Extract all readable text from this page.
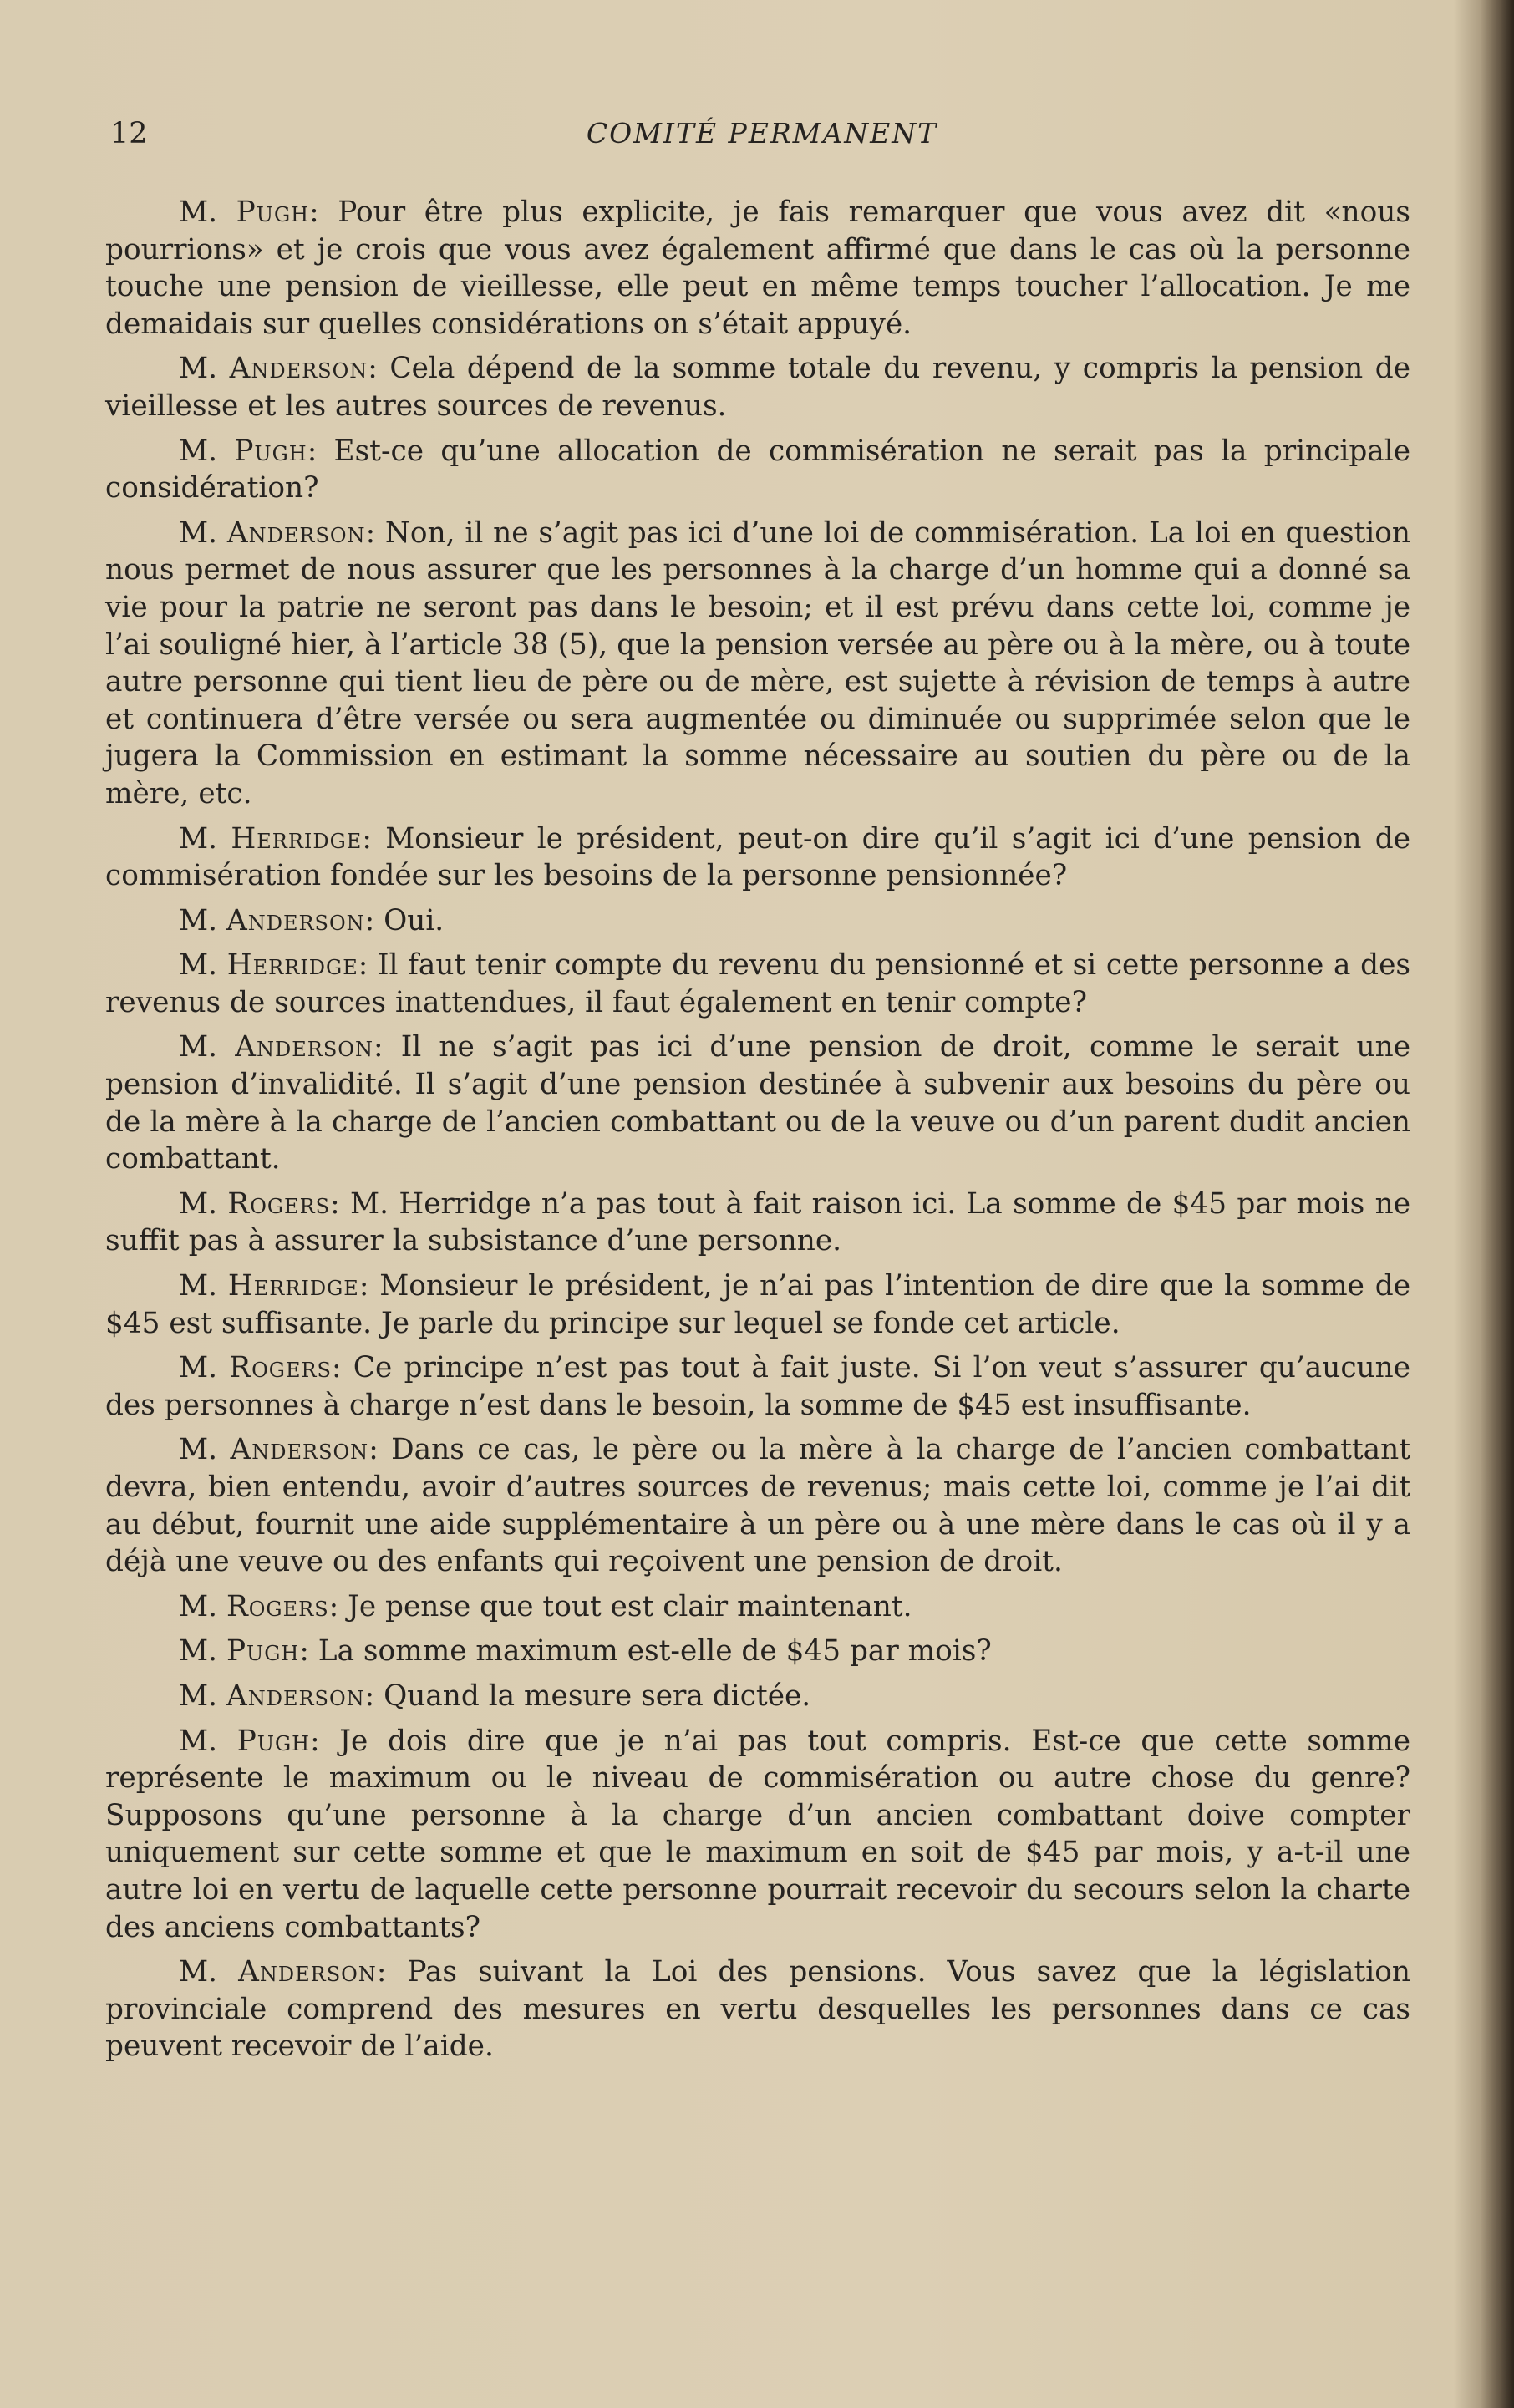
12	COMITÉ PERMANENT

M. Pugh: Pour être plus explicite, je fais remarquer que vous avez dit «nous pourrions» et je crois que vous avez également affirmé que dans le cas où la personne touche une pension de vieillesse, elle peut en même temps toucher l’allocation. Je me demaidais sur quelles considérations on s’était appuyé.

M. Anderson: Cela dépend de la somme totale du revenu, y compris la pension de vieillesse et les autres sources de revenus.

M. Pugh: Est-ce qu’une allocation de commisération ne serait pas la principale considération?

M. Anderson: Non, il ne s’agit pas ici d’une loi de commisération. La loi en question nous permet de nous assurer que les personnes à la charge d’un homme qui a donné sa vie pour la patrie ne seront pas dans le besoin; et il est prévu dans cette loi, comme je l’ai souligné hier, à l’article 38 (5), que la pension versée au père ou à la mère, ou à toute autre personne qui tient lieu de père ou de mère, est sujette à révision de temps à autre et continuera d’être versée ou sera augmentée ou diminuée ou supprimée selon que le jugera la Commission en estimant la somme nécessaire au soutien du père ou de la mère, etc.

M. Herridge: Monsieur le président, peut-on dire qu’il s’agit ici d’une pension de commisération fondée sur les besoins de la personne pensionnée?

M. Anderson: Oui.

M. Herridge: Il faut tenir compte du revenu du pensionné et si cette personne a des revenus de sources inattendues, il faut également en tenir compte?

M. Anderson: Il ne s’agit pas ici d’une pension de droit, comme le serait une pension d’invalidité. Il s’agit d’une pension destinée à subvenir aux besoins du père ou de la mère à la charge de l’ancien combattant ou de la veuve ou d’un parent dudit ancien combattant.

M. Rogers: M. Herridge n’a pas tout à fait raison ici. La somme de $45 par mois ne suffit pas à assurer la subsistance d’une personne.

M. Herridge: Monsieur le président, je n’ai pas l’intention de dire que la somme de $45 est suffisante. Je parle du principe sur lequel se fonde cet article.

M. Rogers: Ce principe n’est pas tout à fait juste. Si l’on veut s’assurer qu’aucune des personnes à charge n’est dans le besoin, la somme de $45 est insuffisante.

M. Anderson: Dans ce cas, le père ou la mère à la charge de l’ancien combattant devra, bien entendu, avoir d’autres sources de revenus; mais cette loi, comme je l’ai dit au début, fournit une aide supplémentaire à un père ou à une mère dans le cas où il y a déjà une veuve ou des enfants qui reçoivent une pension de droit.

M. Rogers: Je pense que tout est clair maintenant.

M. Pugh: La somme maximum est-elle de $45 par mois?

M. Anderson: Quand la mesure sera dictée.

M. Pugh: Je dois dire que je n’ai pas tout compris. Est-ce que cette somme représente le maximum ou le niveau de commisération ou autre chose du genre? Supposons qu’une personne à la charge d’un ancien combattant doive compter uniquement sur cette somme et que le maximum en soit de $45 par mois, y a-t-il une autre loi en vertu de laquelle cette personne pourrait recevoir du secours selon la charte des anciens combattants?

M. Anderson: Pas suivant la Loi des pensions. Vous savez que la législation provinciale comprend des mesures en vertu desquelles les personnes dans ce cas peuvent recevoir de l’aide.
